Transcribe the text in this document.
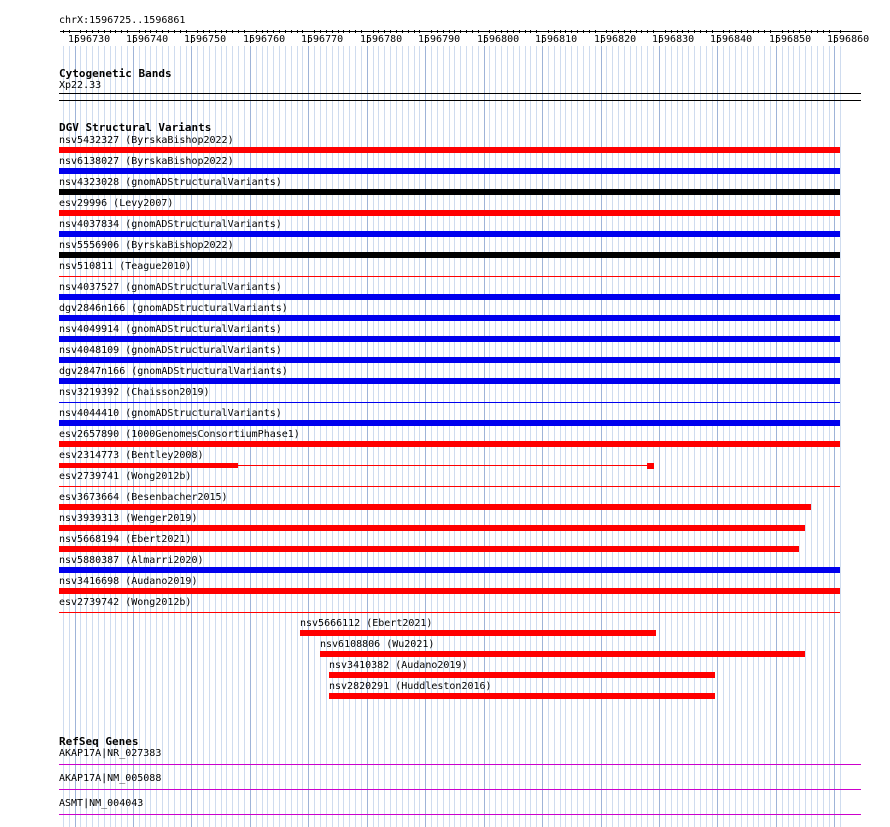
chrX:1596725..1596861
1596730 1596740 1596750 1596760 1596770 1596780 1596790 1596800 1596810 1596820 1596830 1596840 1596850 1596860
Cytogenetic Bands
Xp22.33
DGV Structural Variants
nsv5432327 (ByrskaBishop2022)
nsv6138027 (ByrskaBishop2022)
nsv4323028 (gnomADStructuralVariants)
esv29996 (Levy2007)
nsv4037834 (gnomADStructuralVariants)
nsv5556906 (ByrskaBishop2022)
nsv510811 (Teague2010)
nsv4037527 (gnomADStructuralVariants)
dgv2846n166 (gnomADStructuralVariants)
nsv4049914 (gnomADStructuralVariants)
nsv4048109 (gnomADStructuralVariants)
dgv2847n166 (gnomADStructuralVariants)
nsv3219392 (Chaisson2019)
nsv4044410 (gnomADStructuralVariants)
esv2657890 (1000GenomesConsortiumPhase1)
esv2314773 (Bentley2008)
esv2739741 (Wong2012b)
esv3673664 (Besenbacher2015)
nsv3939313 (Wenger2019)
nsv5668194 (Ebert2021)
nsv5880387 (Almarri2020)
nsv3416698 (Audano2019)
esv2739742 (Wong2012b)
nsv5666112 (Ebert2021)
nsv6108806 (Wu2021)
nsv3410382 (Audano2019)
nsv2820291 (Huddleston2016)
RefSeq Genes
AKAP17A|NR_027383
AKAP17A|NM_005088
ASMT|NM_004043
